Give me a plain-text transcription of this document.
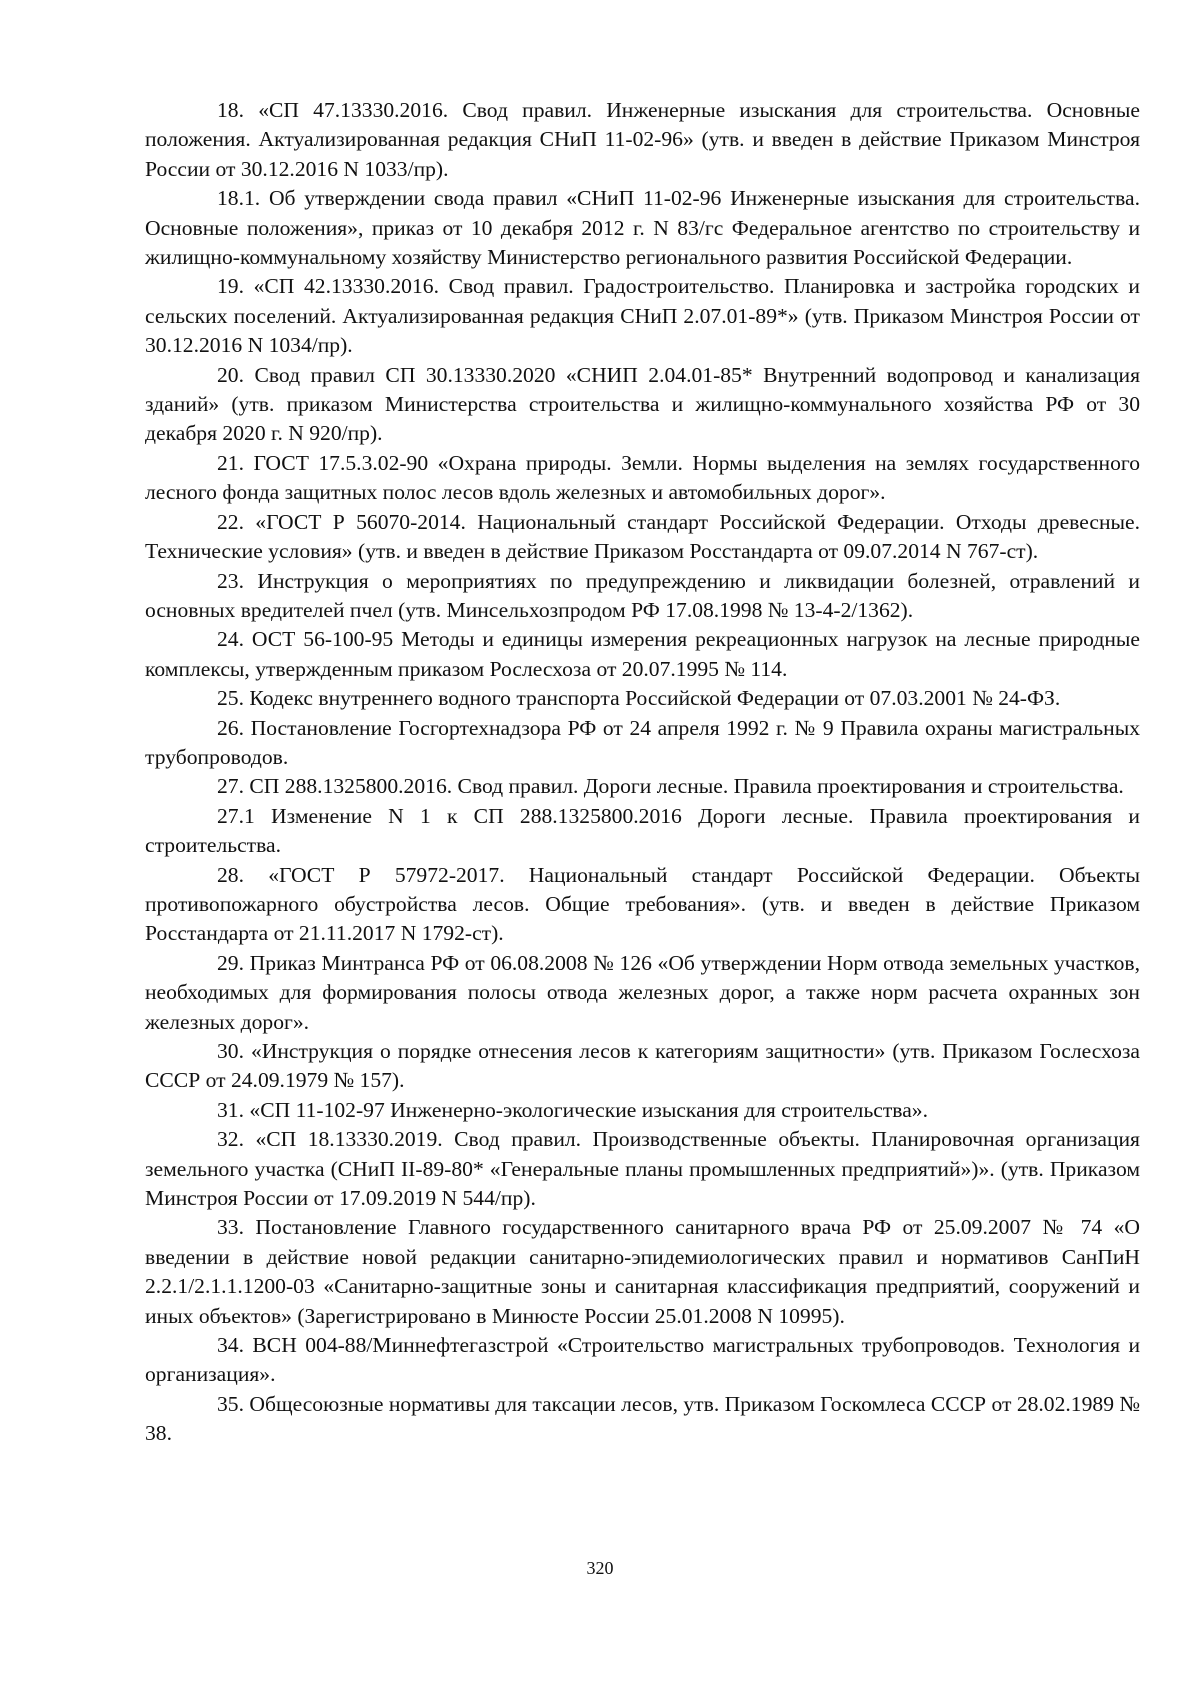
18. «СП 47.13330.2016. Свод правил. Инженерные изыскания для строительства. Основные положения. Актуализированная редакция СНиП 11-02-96» (утв. и введен в действие Приказом Минстроя России от 30.12.2016 N 1033/пр).

18.1. Об утверждении свода правил «СНиП 11-02-96 Инженерные изыскания для строительства. Основные положения», приказ от 10 декабря 2012 г. N 83/гс Федеральное агентство по строительству и жилищно-коммунальному хозяйству Министерство регионального развития Российской Федерации.

19. «СП 42.13330.2016. Свод правил. Градостроительство. Планировка и застройка городских и сельских поселений. Актуализированная редакция СНиП 2.07.01-89*» (утв. Приказом Минстроя России от 30.12.2016 N 1034/пр).

20. Свод правил СП 30.13330.2020 «СНИП 2.04.01-85* Внутренний водопровод и канализация зданий» (утв. приказом Министерства строительства и жилищно-коммунального хозяйства РФ от 30 декабря 2020 г. N 920/пр).

21. ГОСТ 17.5.3.02-90 «Охрана природы. Земли. Нормы выделения на землях государственного лесного фонда защитных полос лесов вдоль железных и автомобильных дорог».

22. «ГОСТ Р 56070-2014. Национальный стандарт Российской Федерации. Отходы древесные. Технические условия» (утв. и введен в действие Приказом Росстандарта от 09.07.2014 N 767-ст).

23. Инструкция о мероприятиях по предупреждению и ликвидации болезней, отравлений и основных вредителей пчел (утв. Минсельхозпродом РФ 17.08.1998 № 13-4-2/1362).

24. ОСТ 56-100-95 Методы и единицы измерения рекреационных нагрузок на лесные природные комплексы, утвержденным приказом Рослесхоза от 20.07.1995 № 114.

25. Кодекс внутреннего водного транспорта Российской Федерации от 07.03.2001 № 24-ФЗ.

26. Постановление Госгортехнадзора РФ от 24 апреля 1992 г. № 9 Правила охраны магистральных трубопроводов.

27. СП 288.1325800.2016. Свод правил. Дороги лесные. Правила проектирования и строительства.

27.1 Изменение N 1 к СП 288.1325800.2016 Дороги лесные. Правила проектирования и строительства.

28. «ГОСТ Р 57972-2017. Национальный стандарт Российской Федерации. Объекты противопожарного обустройства лесов. Общие требования». (утв. и введен в действие Приказом Росстандарта от 21.11.2017 N 1792-ст).

29. Приказ Минтранса РФ от 06.08.2008 № 126 «Об утверждении Норм отвода земельных участков, необходимых для формирования полосы отвода железных дорог, а также норм расчета охранных зон железных дорог».

30. «Инструкция о порядке отнесения лесов к категориям защитности» (утв. Приказом Гослесхоза СССР от 24.09.1979 № 157).

31. «СП 11-102-97 Инженерно-экологические изыскания для строительства».

32. «СП 18.13330.2019. Свод правил. Производственные объекты. Планировочная организация земельного участка (СНиП II-89-80* «Генеральные планы промышленных предприятий»)». (утв. Приказом Минстроя России от 17.09.2019 N 544/пр).

33. Постановление Главного государственного санитарного врача РФ от 25.09.2007 № 74 «О введении в действие новой редакции санитарно-эпидемиологических правил и нормативов СанПиН 2.2.1/2.1.1.1200-03 «Санитарно-защитные зоны и санитарная классификация предприятий, сооружений и иных объектов» (Зарегистрировано в Минюсте России 25.01.2008 N 10995).

34. ВСН 004-88/Миннефтегазстрой «Строительство магистральных трубопроводов. Технология и организация».

35. Общесоюзные нормативы для таксации лесов, утв. Приказом Госкомлеса СССР от 28.02.1989 № 38.

320
